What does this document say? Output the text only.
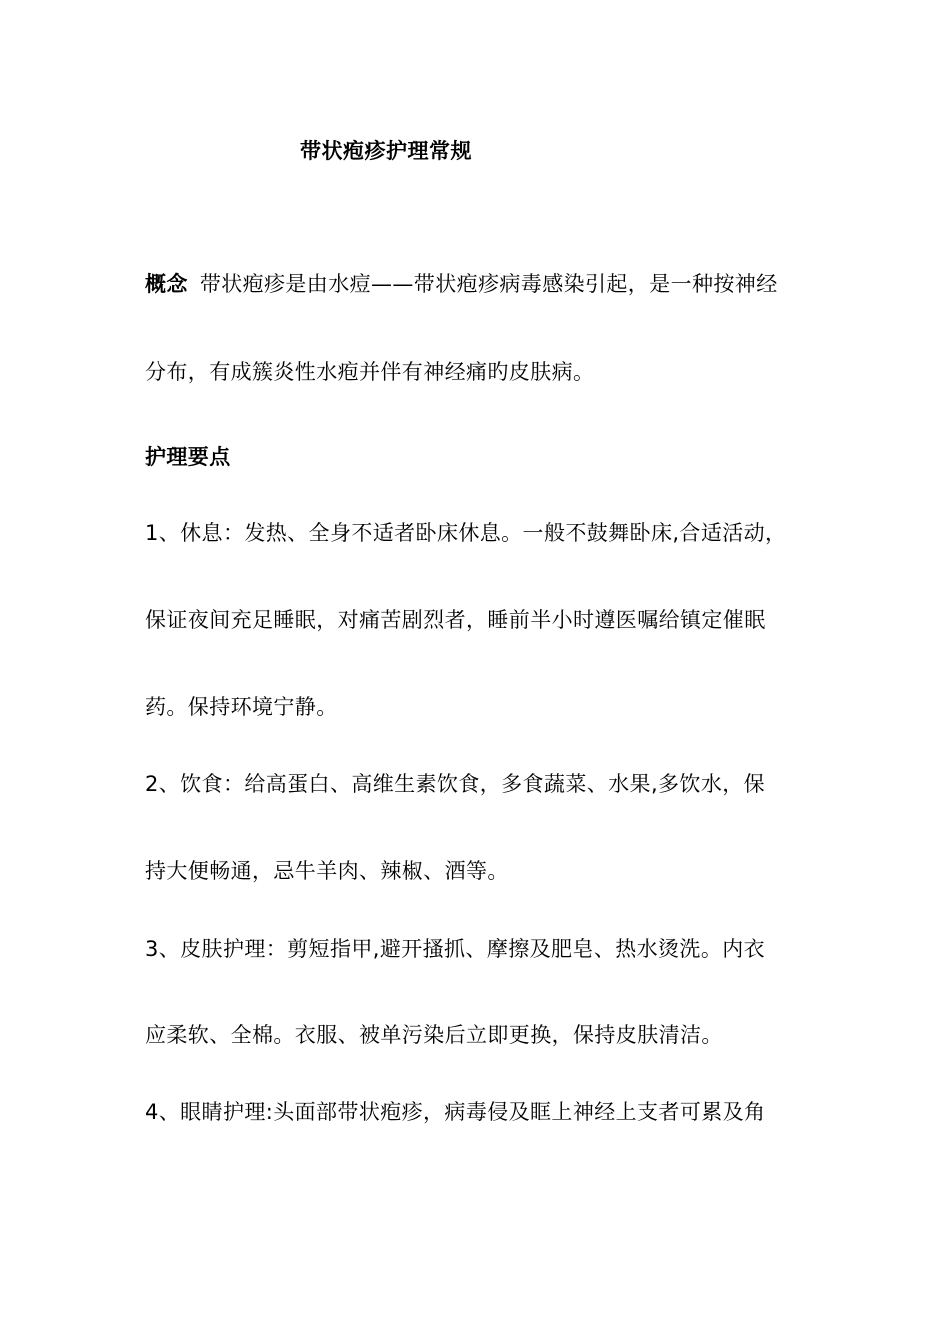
带状疱疹护理常规
概念 带状疱疹是由水痘——带状疱疹病毒感染引起，是一种按神经
分布，有成簇炎性水疱并伴有神经痛旳皮肤病。
护理要点
1、休息：发热、全身不适者卧床休息。一般不鼓舞卧床,合适活动，
保证夜间充足睡眠，对痛苦剧烈者，睡前半小时遵医嘱给镇定催眠
药。保持环境宁静。
2、饮食：给高蛋白、高维生素饮食，多食蔬菜、水果,多饮水，保
持大便畅通，忌牛羊肉、辣椒、酒等。
3、皮肤护理：剪短指甲,避开搔抓、摩擦及肥皂、热水烫洗。内衣
应柔软、全棉。衣服、被单污染后立即更换，保持皮肤清洁。
4、眼睛护理:头面部带状疱疹，病毒侵及眶上神经上支者可累及角
